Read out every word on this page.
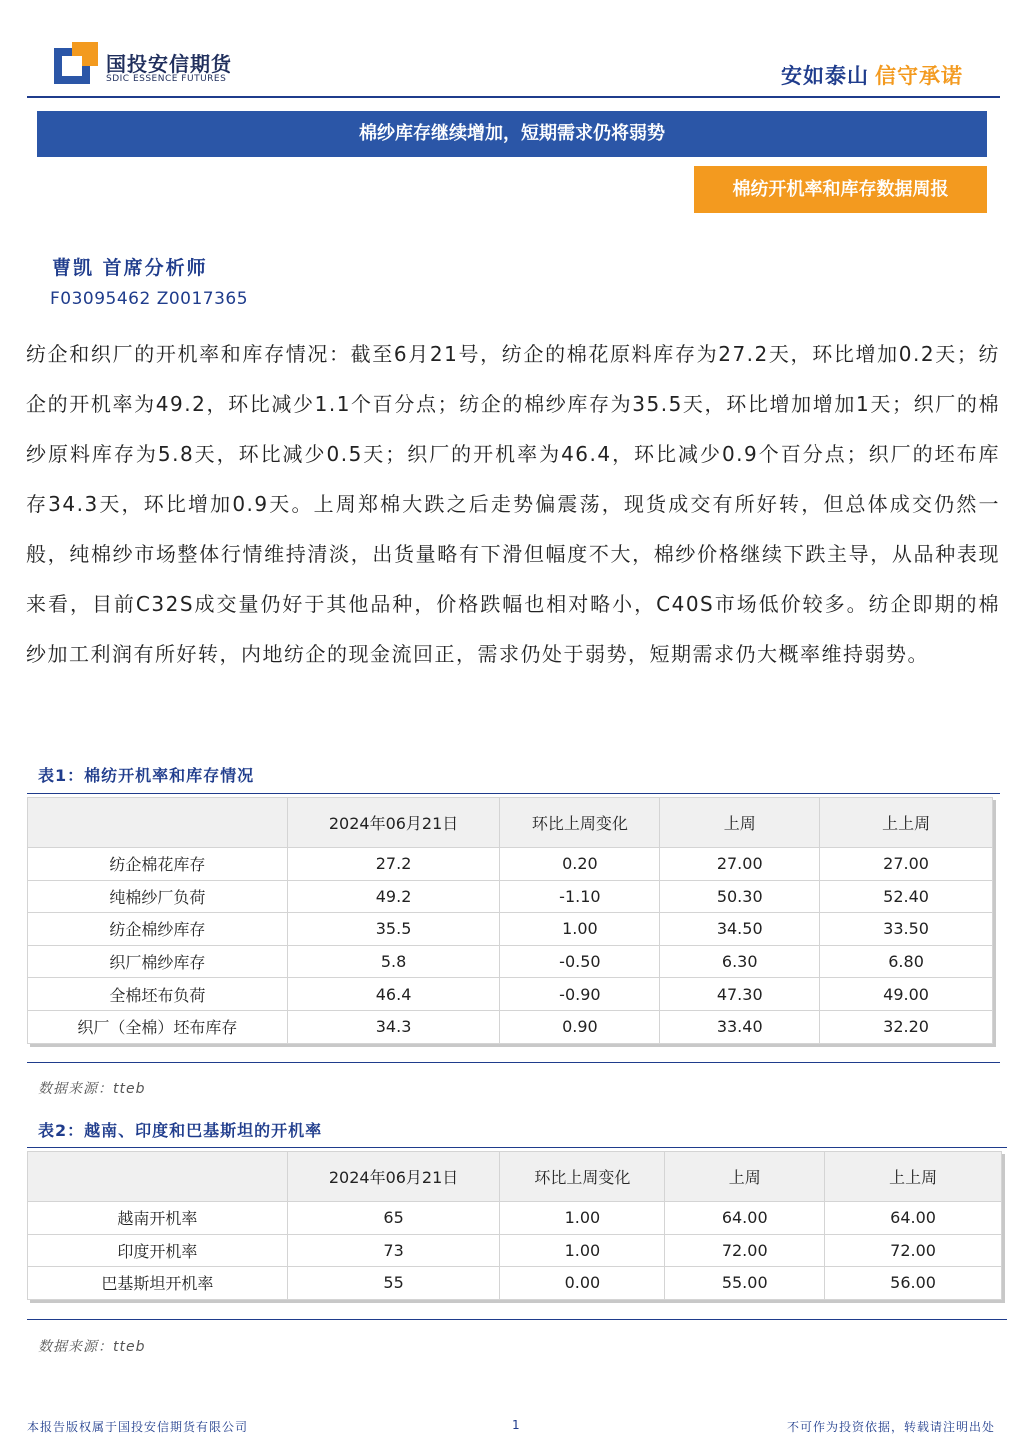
国投安信期货
SDIC ESSENCE FUTURES	安如泰山 信守承诺
棉纱库存继续增加，短期需求仍将弱势
棉纺开机率和库存数据周报
曹凯 首席分析师
F03095462 Z0017365
纺企和织厂的开机率和库存情况：截至6月21号，纺企的棉花原料库存为27.2天，环比增加0.2天；纺企的开机率为49.2，环比减少1.1个百分点；纺企的棉纱库存为35.5天，环比增加增加1天；织厂的棉纱原料库存为5.8天，环比减少0.5天；织厂的开机率为46.4，环比减少0.9个百分点；织厂的坯布库存34.3天，环比增加0.9天。上周郑棉大跌之后走势偏震荡，现货成交有所好转，但总体成交仍然一般，纯棉纱市场整体行情维持清淡，出货量略有下滑但幅度不大，棉纱价格继续下跌主导，从品种表现来看，目前C32S成交量仍好于其他品种，价格跌幅也相对略小，C40S市场低价较多。纺企即期的棉纱加工利润有所好转，内地纺企的现金流回正，需求仍处于弱势，短期需求仍大概率维持弱势。
表1：棉纺开机率和库存情况
	2024年06月21日	环比上周变化	上周	上上周
纺企棉花库存	27.2	0.20	27.00	27.00
纯棉纱厂负荷	49.2	-1.10	50.30	52.40
纺企棉纱库存	35.5	1.00	34.50	33.50
织厂棉纱库存	5.8	-0.50	6.30	6.80
全棉坯布负荷	46.4	-0.90	47.30	49.00
织厂（全棉）坯布库存	34.3	0.90	33.40	32.20
数据来源：tteb
表2：越南、印度和巴基斯坦的开机率
	2024年06月21日	环比上周变化	上周	上上周
越南开机率	65	1.00	64.00	64.00
印度开机率	73	1.00	72.00	72.00
巴基斯坦开机率	55	0.00	55.00	56.00
数据来源：tteb
本报告版权属于国投安信期货有限公司	1	不可作为投资依据，转载请注明出处
